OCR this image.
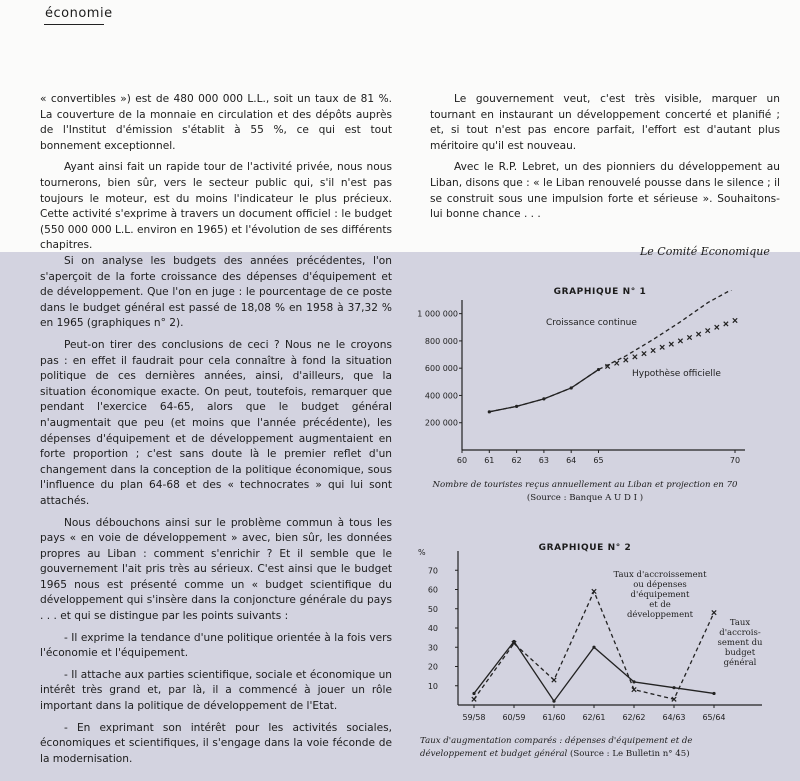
économie

« convertibles ») est de 480 000 000 L.L., soit un taux de 81 %. La couverture de la monnaie en circulation et des dépôts auprès de l'Institut d'émission s'établit à 55 %, ce qui est tout bonnement exceptionnel.

Ayant ainsi fait un rapide tour de l'activité privée, nous nous tournerons, bien sûr, vers le secteur public qui, s'il n'est pas toujours le moteur, est du moins l'indicateur le plus précieux. Cette activité s'exprime à travers un document officiel : le budget (550 000 000 L.L. environ en 1965) et l'évolution de ses différents chapitres.

Le gouvernement veut, c'est très visible, marquer un tournant en instaurant un développement concerté et planifié ; et, si tout n'est pas encore parfait, l'effort est d'autant plus méritoire qu'il est nouveau.

Avec le R.P. Lebret, un des pionniers du développement au Liban, disons que : « le Liban renouvelé pousse dans le silence ; il se construit sous une impulsion forte et sérieuse ». Souhaitons-lui bonne chance . . .

Le Comité Economique

Si on analyse les budgets des années précédentes, l'on s'aperçoit de la forte croissance des dépenses d'équipement et de développement. Que l'on en juge : le pourcentage de ce poste dans le budget général est passé de 18,08 % en 1958 à 37,32 % en 1965 (graphiques n° 2).

Peut-on tirer des conclusions de ceci ? Nous ne le croyons pas : en effet il faudrait pour cela connaître à fond la situation politique de ces dernières années, ainsi, d'ailleurs, que la situation économique exacte. On peut, toutefois, remarquer que pendant l'exercice 64-65, alors que le budget général n'augmentait que peu (et moins que l'année précédente), les dépenses d'équipement et de développement augmentaient en forte proportion ; c'est sans doute là le premier reflet d'un changement dans la conception de la politique économique, sous l'influence du plan 64-68 et des « technocrates » qui lui sont attachés.

Nous débouchons ainsi sur le problème commun à tous les pays « en voie de développement » avec, bien sûr, les données propres au Liban : comment s'enrichir ? Et il semble que le gouvernement l'ait pris très au sérieux. C'est ainsi que le budget 1965 nous est présenté comme un « budget scientifique du développement qui s'insère dans la conjoncture générale du pays . . . et qui se distingue par les points suivants :

- Il exprime la tendance d'une politique orientée à la fois vers l'économie et l'équipement.

- Il attache aux parties scientifique, sociale et économique un intérêt très grand et, par là, il a commencé à jouer un rôle important dans la politique de développement de l'Etat.

- En exprimant son intérêt pour les activités sociales, économiques et scientifiques, il s'engage dans la voie féconde de la modernisation.

GRAPHIQUE N° 1
200 000
400 000
600 000
800 000
1 000 000
60 61 62 63 64 65	70
Croissance continue
Hypothèse officielle
Nombre de touristes reçus annuellement au Liban et projection en 70
(Source : Banque A U D I )
GRAPHIQUE N° 2
%
10
20
30
40
50
60
70
59/58 60/59 61/60 62/61 62/62 64/63 65/64
Taux d'accroissement
ou dépenses
d'équipement
et de
développement
Taux
d'accrois-
sement du
budget
général
Taux d'augmentation comparés : dépenses d'équipement et de développement et budget général (Source : Le Bulletin n° 45)
